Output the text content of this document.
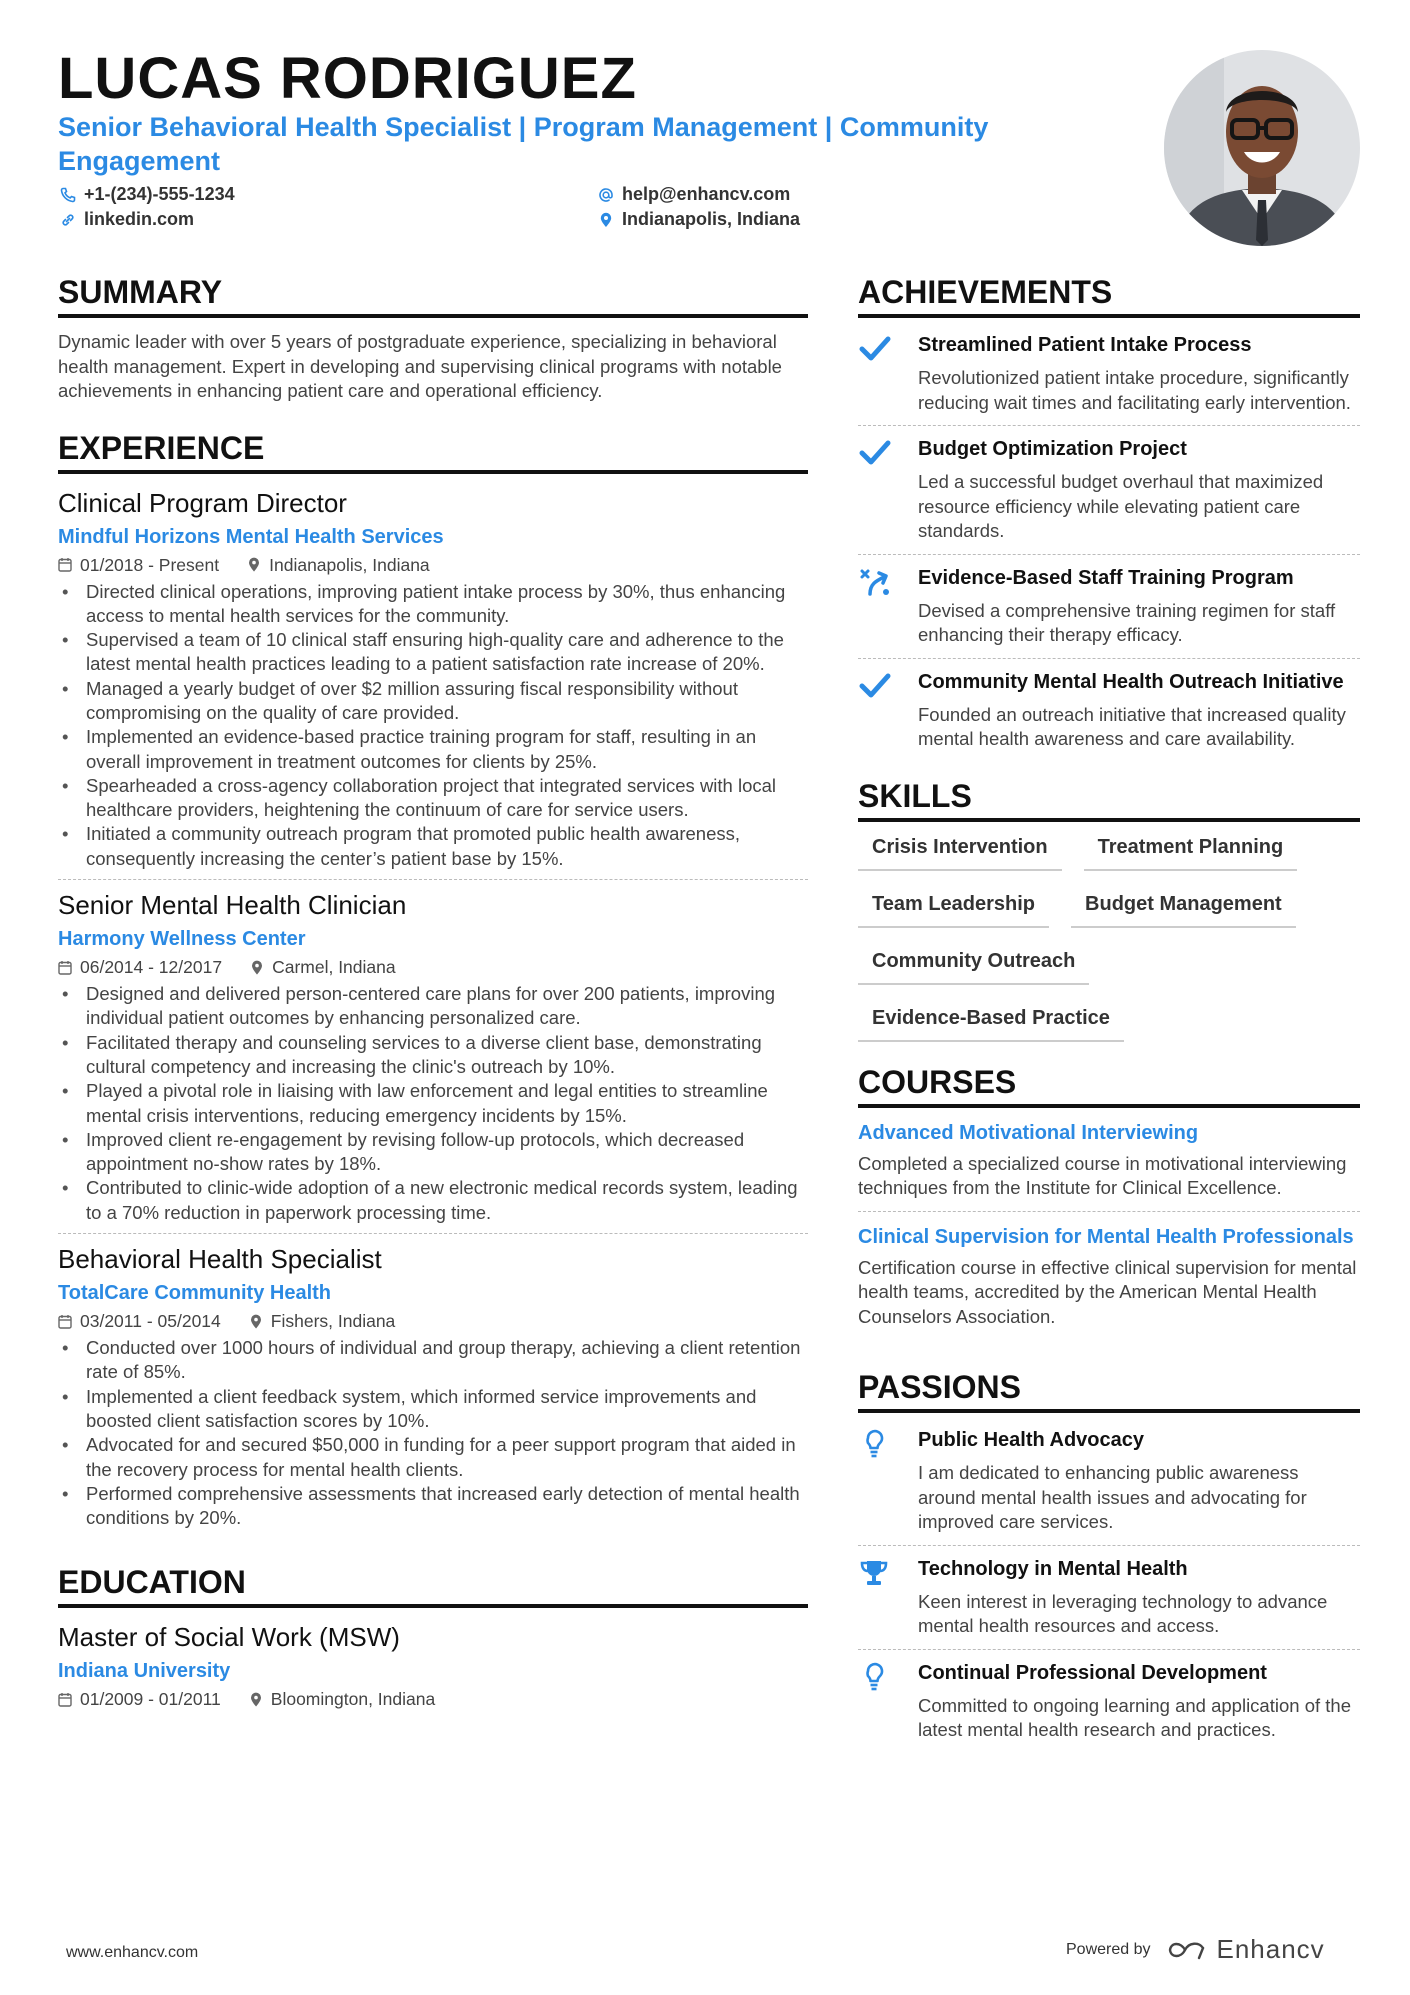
LUCAS RODRIGUEZ
Senior Behavioral Health Specialist | Program Management | Community Engagement
+1-(234)-555-1234
linkedin.com
help@enhancv.com
Indianapolis, Indiana
SUMMARY
Dynamic leader with over 5 years of postgraduate experience, specializing in behavioral health management. Expert in developing and supervising clinical programs with notable achievements in enhancing patient care and operational efficiency.
EXPERIENCE
Clinical Program Director
Mindful Horizons Mental Health Services
01/2018 - Present	Indianapolis, Indiana
• Directed clinical operations, improving patient intake process by 30%, thus enhancing access to mental health services for the community.
• Supervised a team of 10 clinical staff ensuring high-quality care and adherence to the latest mental health practices leading to a patient satisfaction rate increase of 20%.
• Managed a yearly budget of over $2 million assuring fiscal responsibility without compromising on the quality of care provided.
• Implemented an evidence-based practice training program for staff, resulting in an overall improvement in treatment outcomes for clients by 25%.
• Spearheaded a cross-agency collaboration project that integrated services with local healthcare providers, heightening the continuum of care for service users.
• Initiated a community outreach program that promoted public health awareness, consequently increasing the center’s patient base by 15%.
Senior Mental Health Clinician
Harmony Wellness Center
06/2014 - 12/2017	Carmel, Indiana
• Designed and delivered person-centered care plans for over 200 patients, improving individual patient outcomes by enhancing personalized care.
• Facilitated therapy and counseling services to a diverse client base, demonstrating cultural competency and increasing the clinic's outreach by 10%.
• Played a pivotal role in liaising with law enforcement and legal entities to streamline mental crisis interventions, reducing emergency incidents by 15%.
• Improved client re-engagement by revising follow-up protocols, which decreased appointment no-show rates by 18%.
• Contributed to clinic-wide adoption of a new electronic medical records system, leading to a 70% reduction in paperwork processing time.
Behavioral Health Specialist
TotalCare Community Health
03/2011 - 05/2014	Fishers, Indiana
• Conducted over 1000 hours of individual and group therapy, achieving a client retention rate of 85%.
• Implemented a client feedback system, which informed service improvements and boosted client satisfaction scores by 10%.
• Advocated for and secured $50,000 in funding for a peer support program that aided in the recovery process for mental health clients.
• Performed comprehensive assessments that increased early detection of mental health conditions by 20%.
EDUCATION
Master of Social Work (MSW)
Indiana University
01/2009 - 01/2011	Bloomington, Indiana
ACHIEVEMENTS
Streamlined Patient Intake Process
Revolutionized patient intake procedure, significantly reducing wait times and facilitating early intervention.
Budget Optimization Project
Led a successful budget overhaul that maximized resource efficiency while elevating patient care standards.
Evidence-Based Staff Training Program
Devised a comprehensive training regimen for staff enhancing their therapy efficacy.
Community Mental Health Outreach Initiative
Founded an outreach initiative that increased quality mental health awareness and care availability.
SKILLS
Crisis Intervention	Treatment Planning
Team Leadership	Budget Management
Community Outreach
Evidence-Based Practice
COURSES
Advanced Motivational Interviewing
Completed a specialized course in motivational interviewing techniques from the Institute for Clinical Excellence.
Clinical Supervision for Mental Health Professionals
Certification course in effective clinical supervision for mental health teams, accredited by the American Mental Health Counselors Association.
PASSIONS
Public Health Advocacy
I am dedicated to enhancing public awareness around mental health issues and advocating for improved care services.
Technology in Mental Health
Keen interest in leveraging technology to advance mental health resources and access.
Continual Professional Development
Committed to ongoing learning and application of the latest mental health research and practices.
www.enhancv.com	Powered by	Enhancv
